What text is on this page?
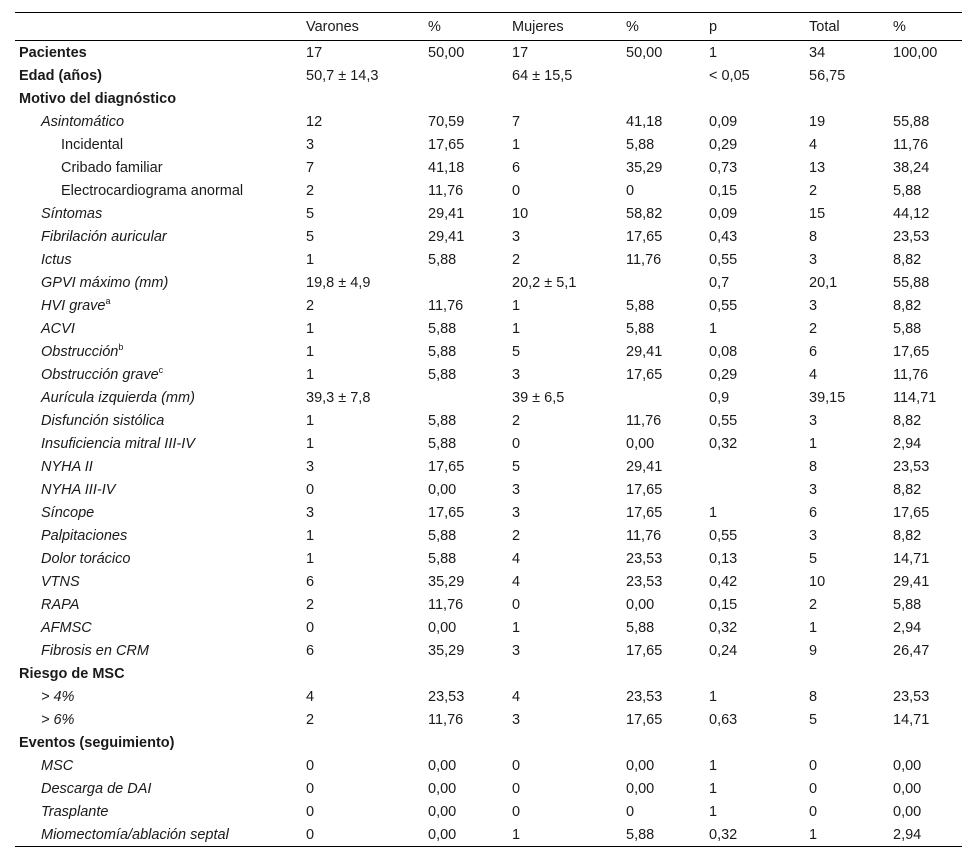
	Varones	%	Mujeres	%	p	Total	%
Pacientes	17	50,00	17	50,00	1	34	100,00
Edad (años)	50,7 ± 14,3		64 ± 15,5		< 0,05	56,75	
Motivo del diagnóstico							
Asintomático	12	70,59	7	41,18	0,09	19	55,88
Incidental	3	17,65	1	5,88	0,29	4	11,76
Cribado familiar	7	41,18	6	35,29	0,73	13	38,24
Electrocardiograma anormal	2	11,76	0	0	0,15	2	5,88
Síntomas	5	29,41	10	58,82	0,09	15	44,12
Fibrilación auricular	5	29,41	3	17,65	0,43	8	23,53
Ictus	1	5,88	2	11,76	0,55	3	8,82
GPVI máximo (mm)	19,8 ± 4,9		20,2 ± 5,1		0,7	20,1	55,88
HVI grave$^a$	2	11,76	1	5,88	0,55	3	8,82
ACVI	1	5,88	1	5,88	1	2	5,88
Obstrucción$^b$	1	5,88	5	29,41	0,08	6	17,65
Obstrucción grave$^c$	1	5,88	3	17,65	0,29	4	11,76
Aurícula izquierda (mm)	39,3 ± 7,8		39 ± 6,5		0,9	39,15	114,71
Disfunción sistólica	1	5,88	2	11,76	0,55	3	8,82
Insuficiencia mitral III-IV	1	5,88	0	0,00	0,32	1	2,94
NYHA II	3	17,65	5	29,41		8	23,53
NYHA III-IV	0	0,00	3	17,65		3	8,82
Síncope	3	17,65	3	17,65	1	6	17,65
Palpitaciones	1	5,88	2	11,76	0,55	3	8,82
Dolor torácico	1	5,88	4	23,53	0,13	5	14,71
VTNS	6	35,29	4	23,53	0,42	10	29,41
RAPA	2	11,76	0	0,00	0,15	2	5,88
AFMSC	0	0,00	1	5,88	0,32	1	2,94
Fibrosis en CRM	6	35,29	3	17,65	0,24	9	26,47
Riesgo de MSC							
> 4%	4	23,53	4	23,53	1	8	23,53
> 6%	2	11,76	3	17,65	0,63	5	14,71
Eventos (seguimiento)							
MSC	0	0,00	0	0,00	1	0	0,00
Descarga de DAI	0	0,00	0	0,00	1	0	0,00
Trasplante	0	0,00	0	0	1	0	0,00
Miomectomía/ablación septal	0	0,00	1	5,88	0,32	1	2,94
